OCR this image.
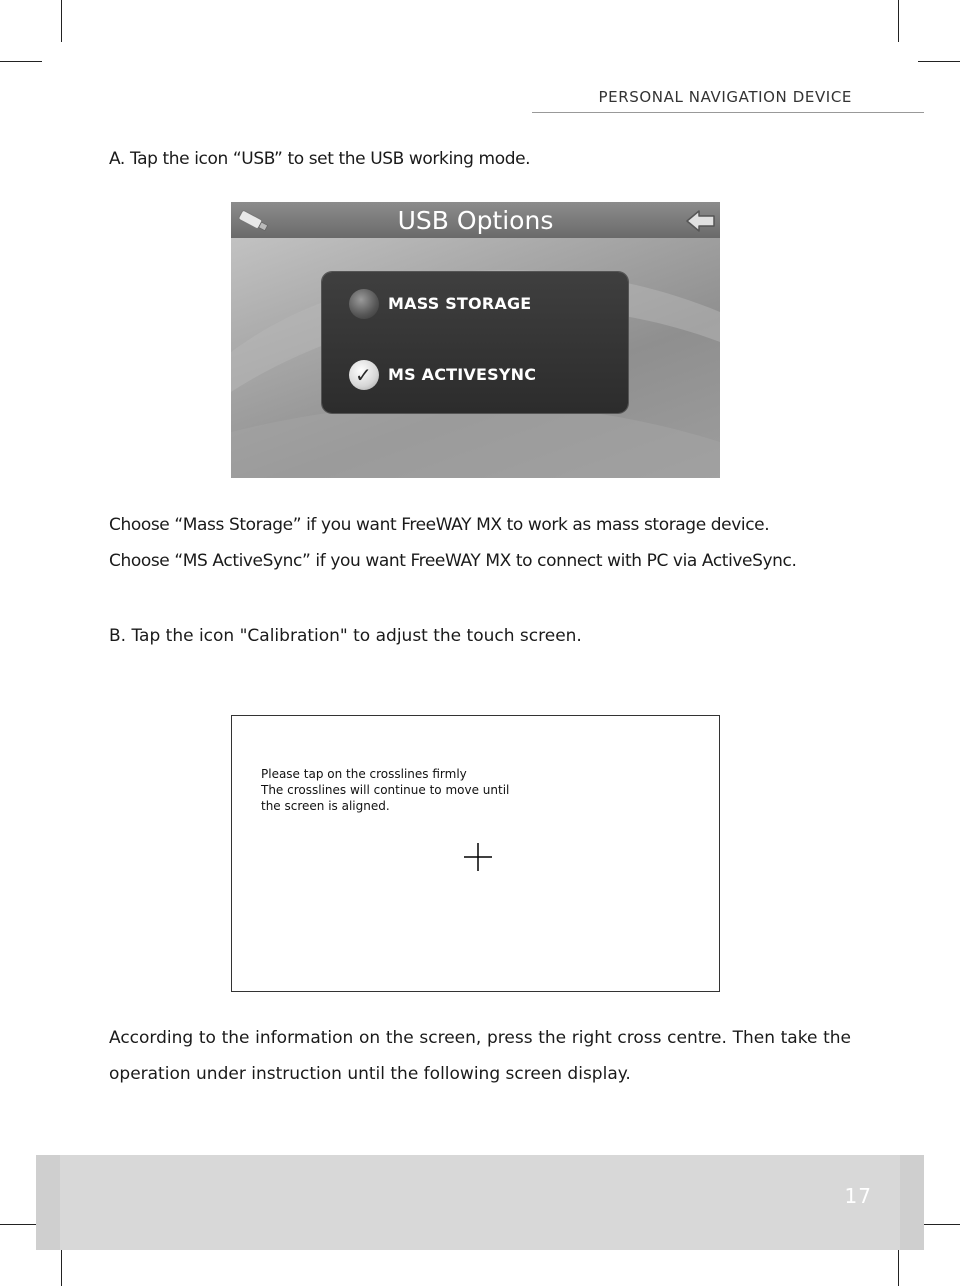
PERSONAL NAVIGATION DEVICE
A. Tap the icon “USB” to set the USB working mode.
USB Options
MASS STORAGE
✓ MS ACTIVESYNC
Choose “Mass Storage” if you want FreeWAY MX to work as mass storage device.
Choose “MS ActiveSync” if you want FreeWAY MX to connect with PC via ActiveSync.
B. Tap the icon "Calibration" to adjust the touch screen.
Please tap on the crosslines firmly
The crosslines will continue to move until
the screen is aligned.
According to the information on the screen, press the right cross centre. Then take the operation under instruction until the following screen display.
17
